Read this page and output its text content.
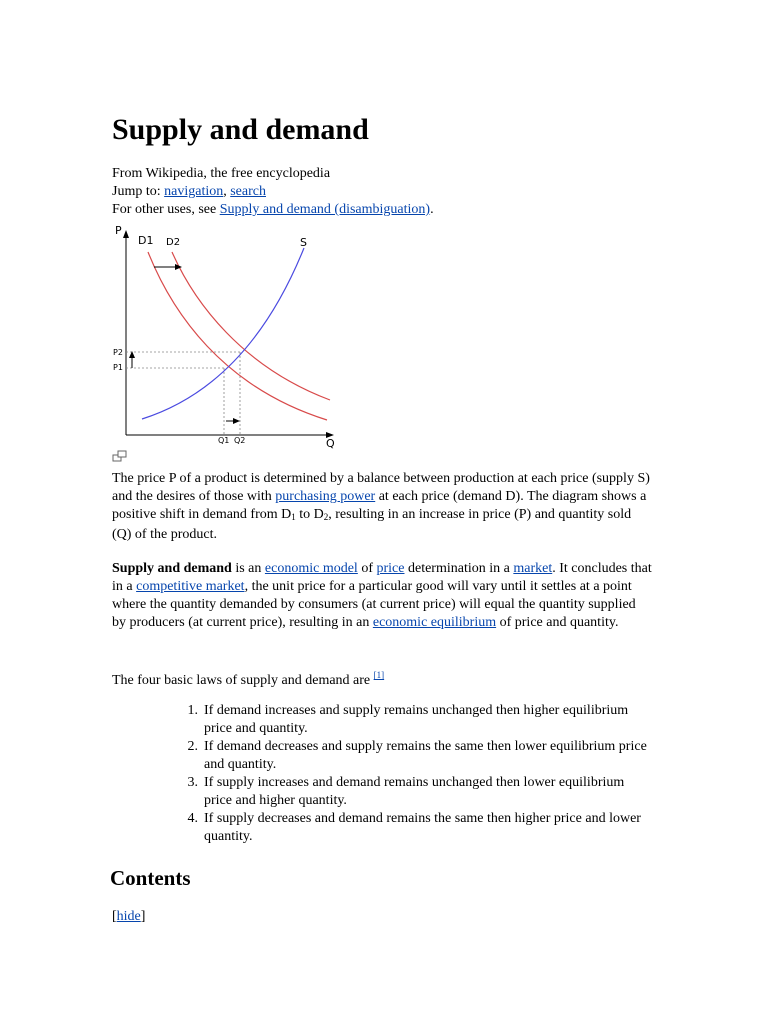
Supply and demand
From Wikipedia, the free encyclopedia
Jump to: navigation, search
For other uses, see Supply and demand (disambiguation).
P
Q
D1 D2	S
P2
P1
Q1 Q2

The price P of a product is determined by a balance between production at each price (supply S) and the desires of those with purchasing power at each price (demand D). The diagram shows a positive shift in demand from $D_1$ to $D_2$, resulting in an increase in price (P) and quantity sold (Q) of the product.

Supply and demand is an economic model of price determination in a market. It concludes that in a competitive market, the unit price for a particular good will vary until it settles at a point where the quantity demanded by consumers (at current price) will equal the quantity supplied by producers (at current price), resulting in an economic equilibrium of price and quantity.

The four basic laws of supply and demand are [1]

1. If demand increases and supply remains unchanged then higher equilibrium price and quantity.
2. If demand decreases and supply remains the same then lower equilibrium price and quantity.
3. If supply increases and demand remains unchanged then lower equilibrium price and higher quantity.
4. If supply decreases and demand remains the same then higher price and lower quantity.
Contents
[hide]
